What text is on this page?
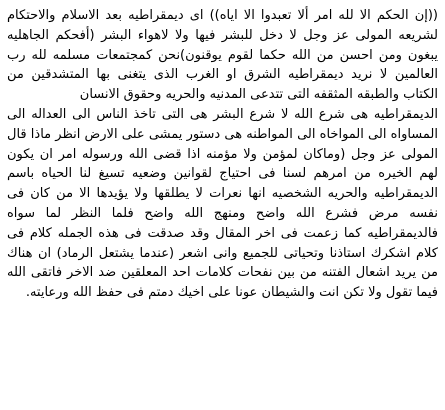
((إن الحكم الا لله امر ألا تعبدوا الا اياه)) اى ديمقراطيه بعد الاسلام والاحتكام لشريعه المولى عز وجل لا دخل للبشر فيها ولا لاهواء البشر (أفحكم الجاهليه يبغون ومن احسن من الله حكما لقوم يوقنون)نحن كمجتمعات مسلمه لله رب العالمين لا نريد ديمقراطيه الشرق او الغرب الذى يتغنى بها المتشدقين من الكتاب والطبقه المثقفه التى تتدعى المدنيه والحريه وحقوق الانسان

الديمقراطيه هى شرع الله لا شرع البشر هى التى تاخذ الناس الى العداله الى المساواه الى المواخاه الى المواطنه هى دستور يمشى على الارض انظر ماذا قال المولى عز وجل (وماكان لمؤمن ولا مؤمنه اذا قضى الله ورسوله امر ان يكون لهم الخيره من امرهم لسنا فى احتياج لقوانين وضعيه تسيغ لنا الحياه باسم الديمقراطيه والحريه الشخصيه انها نعرات لا يطلقها ولا يؤيدها الا من كان فى نفسه مرض فشرع الله واضح ومنهج الله واضح فلما النظر لما سواه فالديمقراطيه كما زعمت فى اخر المقال وقد صدقت فى هذه الجمله كلام فى كلام اشكرك استاذنا وتحياتى للجميع وانى اشعر (عندما يشتعل الرماد) ان هناك من يريد اشعال الفتنه من بين نفحات كلامات احد المعلقين ضد الاخر فاتقى الله فيما تقول ولا تكن انت والشيطان عونا على اخيك دمتم فى حفظ الله ورعايته.
